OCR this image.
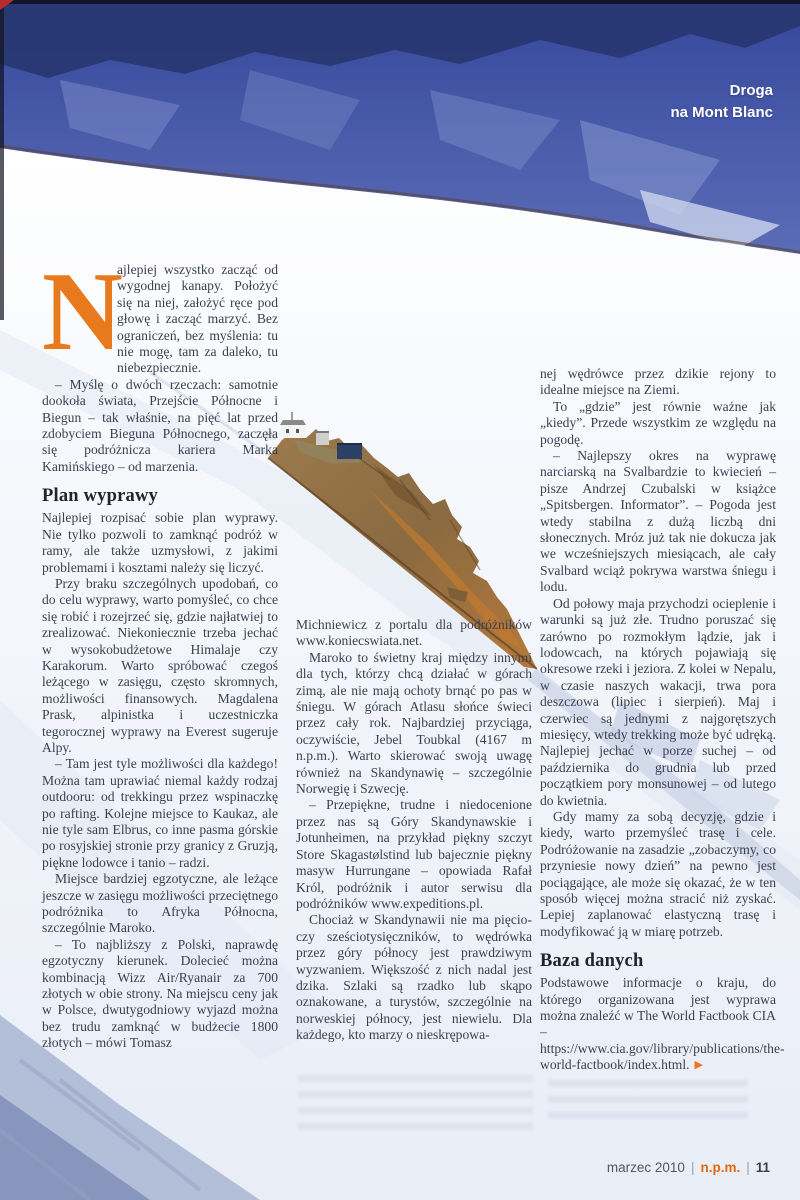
Droga
na Mont Blanc

N
ajlepiej wszystko zacząć od wygodnej kanapy. Położyć się na niej, założyć ręce pod głowę i zacząć marzyć. Bez ograniczeń, bez myślenia: tu nie mogę, tam za daleko, tu niebezpiecznie.

– Myślę o dwóch rzeczach: samotnie dookoła świata, Przejście Północne i Biegun – tak właśnie, na pięć lat przed zdobyciem Bieguna Północnego, zaczęła się podróżnicza kariera Marka Kamińskiego – od marzenia.

Plan wyprawy

Najlepiej rozpisać sobie plan wyprawy. Nie tylko pozwoli to zamknąć podróż w ramy, ale także uzmysłowi, z jakimi problemami i kosztami należy się liczyć.

Przy braku szczególnych upodobań, co do celu wyprawy, warto pomyśleć, co chce się robić i rozejrzeć się, gdzie najłatwiej to zrealizować. Niekoniecznie trzeba jechać w wysokobudżetowe Himalaje czy Karakorum. Warto spróbować czegoś leżącego w zasięgu, często skromnych, możliwości finansowych. Magdalena Prask, alpinistka i uczestniczka tegorocznej wyprawy na Everest sugeruje Alpy.

– Tam jest tyle możliwości dla każdego! Można tam uprawiać niemal każdy rodzaj outdooru: od trekkingu przez wspinaczkę po rafting. Kolejne miejsce to Kaukaz, ale nie tyle sam Elbrus, co inne pasma górskie po rosyjskiej stronie przy granicy z Gruzją, piękne lodowce i tanio – radzi.

Miejsce bardziej egzotyczne, ale leżące jeszcze w zasięgu możliwości przeciętnego podróżnika to Afryka Północna, szczególnie Maroko.

– To najbliższy z Polski, naprawdę egzotyczny kierunek. Dolecieć można kombinacją Wizz Air/Ryanair za 700 złotych w obie strony. Na miejscu ceny jak w Polsce, dwutygodniowy wyjazd można bez trudu zamknąć w budżecie 1800 złotych – mówi Tomasz

Michniewicz z portalu dla podróżników www.koniecswiata.net.

Maroko to świetny kraj między innymi dla tych, którzy chcą działać w górach zimą, ale nie mają ochoty brnąć po pas w śniegu. W górach Atlasu słońce świeci przez cały rok. Najbardziej przyciąga, oczywiście, Jebel Toubkal (4167 m n.p.m.). Warto skierować swoją uwagę również na Skandynawię – szczególnie Norwegię i Szwecję.

– Przepiękne, trudne i niedocenione przez nas są Góry Skandynawskie i Jotunheimen, na przykład piękny szczyt Store Skagastølstind lub bajecznie piękny masyw Hurrungane – opowiada Rafał Król, podróżnik i autor serwisu dla podróżników www.expeditions.pl.

Chociaż w Skandynawii nie ma pięcio- czy sześciotysięczników, to wędrówka przez góry północy jest prawdziwym wyzwaniem. Większość z nich nadal jest dzika. Szlaki są rzadko lub skąpo oznakowane, a turystów, szczególnie na norweskiej północy, jest niewielu. Dla każdego, kto marzy o nieskrępowa-

nej wędrówce przez dzikie rejony to idealne miejsce na Ziemi.

To „gdzie” jest równie ważne jak „kiedy”. Przede wszystkim ze względu na pogodę.

– Najlepszy okres na wyprawę narciarską na Svalbardzie to kwiecień – pisze Andrzej Czubalski w książce „Spitsbergen. Informator”. – Pogoda jest wtedy stabilna z dużą liczbą dni słonecznych. Mróz już tak nie dokucza jak we wcześniejszych miesiącach, ale cały Svalbard wciąż pokrywa warstwa śniegu i lodu.

Od połowy maja przychodzi ocieplenie i warunki są już złe. Trudno poruszać się zarówno po rozmokłym lądzie, jak i lodowcach, na których pojawiają się okresowe rzeki i jeziora. Z kolei w Nepalu, w czasie naszych wakacji, trwa pora deszczowa (lipiec i sierpień). Maj i czerwiec są jednymi z najgorętszych miesięcy, wtedy trekking może być udręką. Najlepiej jechać w porze suchej – od października do grudnia lub przed początkiem pory monsunowej – od lutego do kwietnia.

Gdy mamy za sobą decyzję, gdzie i kiedy, warto przemyśleć trasę i cele. Podróżowanie na zasadzie „zobaczymy, co przyniesie nowy dzień” na pewno jest pociągające, ale może się okazać, że w ten sposób więcej można stracić niż zyskać. Lepiej zaplanować elastyczną trasę i modyfikować ją w miarę potrzeb.

Baza danych

Podstawowe informacje o kraju, do którego organizowana jest wyprawa można znaleźć w The World Factbook CIA – https://www.cia.gov/library/publications/the-world-factbook/index.html. ▶

marzec 2010 | n.p.m. | 11
